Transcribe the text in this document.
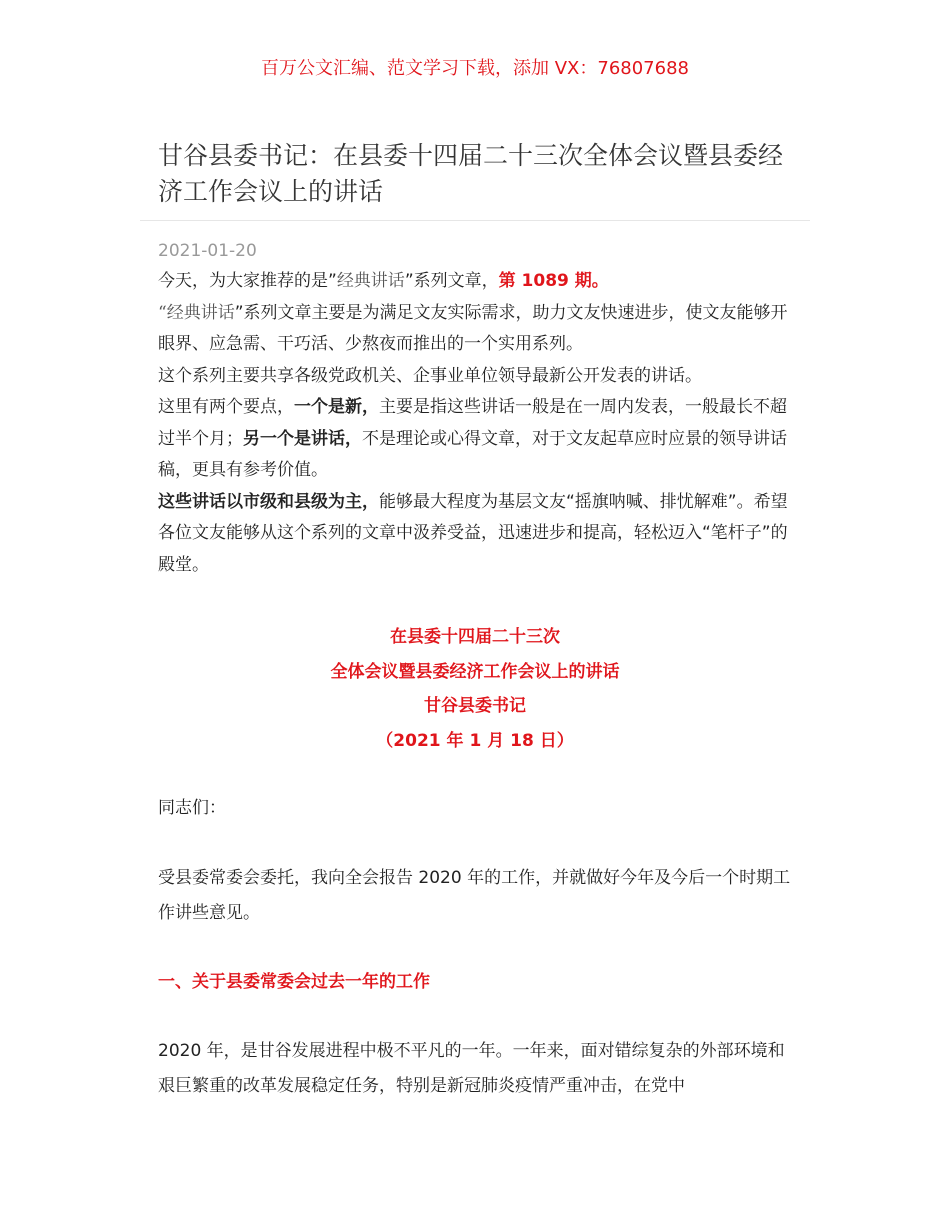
百万公文汇编、范文学习下载，添加 VX：76807688
甘谷县委书记：在县委十四届二十三次全体会议暨县委经济工作会议上的讲话
2021-01-20

今天，为大家推荐的是”经典讲话”系列文章，第 1089 期。

“经典讲话”系列文章主要是为满足文友实际需求，助力文友快速进步，使文友能够开眼界、应急需、干巧活、少熬夜而推出的一个实用系列。

这个系列主要共享各级党政机关、企事业单位领导最新公开发表的讲话。

这里有两个要点，一个是新，主要是指这些讲话一般是在一周内发表，一般最长不超过半个月；另一个是讲话，不是理论或心得文章，对于文友起草应时应景的领导讲话稿，更具有参考价值。

这些讲话以市级和县级为主，能够最大程度为基层文友“摇旗呐喊、排忧解难”。希望各位文友能够从这个系列的文章中汲养受益，迅速进步和提高，轻松迈入“笔杆子”的殿堂。

在县委十四届二十三次
全体会议暨县委经济工作会议上的讲话
甘谷县委书记
（2021 年 1 月 18 日）

同志们：

受县委常委会委托，我向全会报告 2020 年的工作，并就做好今年及今后一个时期工作讲些意见。

一、关于县委常委会过去一年的工作

2020 年，是甘谷发展进程中极不平凡的一年。一年来，面对错综复杂的外部环境和艰巨繁重的改革发展稳定任务，特别是新冠肺炎疫情严重冲击，在党中
